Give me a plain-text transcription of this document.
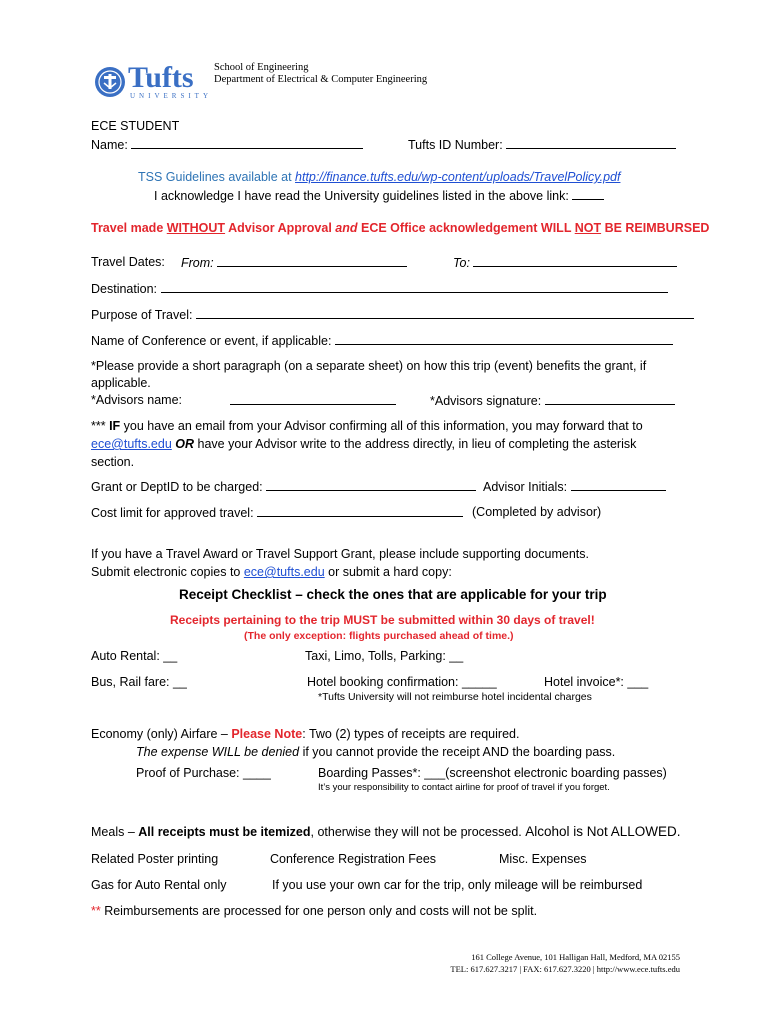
Tufts
UNIVERSITY
School of Engineering
Department of Electrical & Computer Engineering
ECE STUDENT
Name:	Tufts ID Number:
TSS Guidelines available at http://finance.tufts.edu/wp-content/uploads/TravelPolicy.pdf
I acknowledge I have read the University guidelines listed in the above link:
Travel made WITHOUT Advisor Approval and ECE Office acknowledgement WILL NOT BE REIMBURSED
Travel Dates: From:	To:
Destination:
Purpose of Travel:
Name of Conference or event, if applicable:
*Please provide a short paragraph (on a separate sheet) on how this trip (event) benefits the grant, if
applicable.
*Advisors name:	*Advisors signature:
*** IF you have an email from your Advisor confirming all of this information, you may forward that to
ece@tufts.edu OR have your Advisor write to the address directly, in lieu of completing the asterisk
section.
Grant or DeptID to be charged:	Advisor Initials:
Cost limit for approved travel:	(Completed by advisor)
If you have a Travel Award or Travel Support Grant, please include supporting documents.
Submit electronic copies to ece@tufts.edu or submit a hard copy:
Receipt Checklist – check the ones that are applicable for your trip
Receipts pertaining to the trip MUST be submitted within 30 days of travel!
(The only exception: flights purchased ahead of time.)
Auto Rental: __	Taxi, Limo, Tolls, Parking: __
Bus, Rail fare: __	Hotel booking confirmation: _____	Hotel invoice*: ___
*Tufts University will not reimburse hotel incidental charges
Economy (only) Airfare – Please Note: Two (2) types of receipts are required.
The expense WILL be denied if you cannot provide the receipt AND the boarding pass.
Proof of Purchase: ____	Boarding Passes*: ___(screenshot electronic boarding passes)
It’s your responsibility to contact airline for proof of travel if you forget.
Meals – All receipts must be itemized, otherwise they will not be processed. Alcohol is Not ALLOWED.
Related Poster printing	Conference Registration Fees	Misc. Expenses
Gas for Auto Rental only	If you use your own car for the trip, only mileage will be reimbursed
** Reimbursements are processed for one person only and costs will not be split.
161 College Avenue, 101 Halligan Hall, Medford, MA 02155
TEL: 617.627.3217 | FAX: 617.627.3220 | http://www.ece.tufts.edu
